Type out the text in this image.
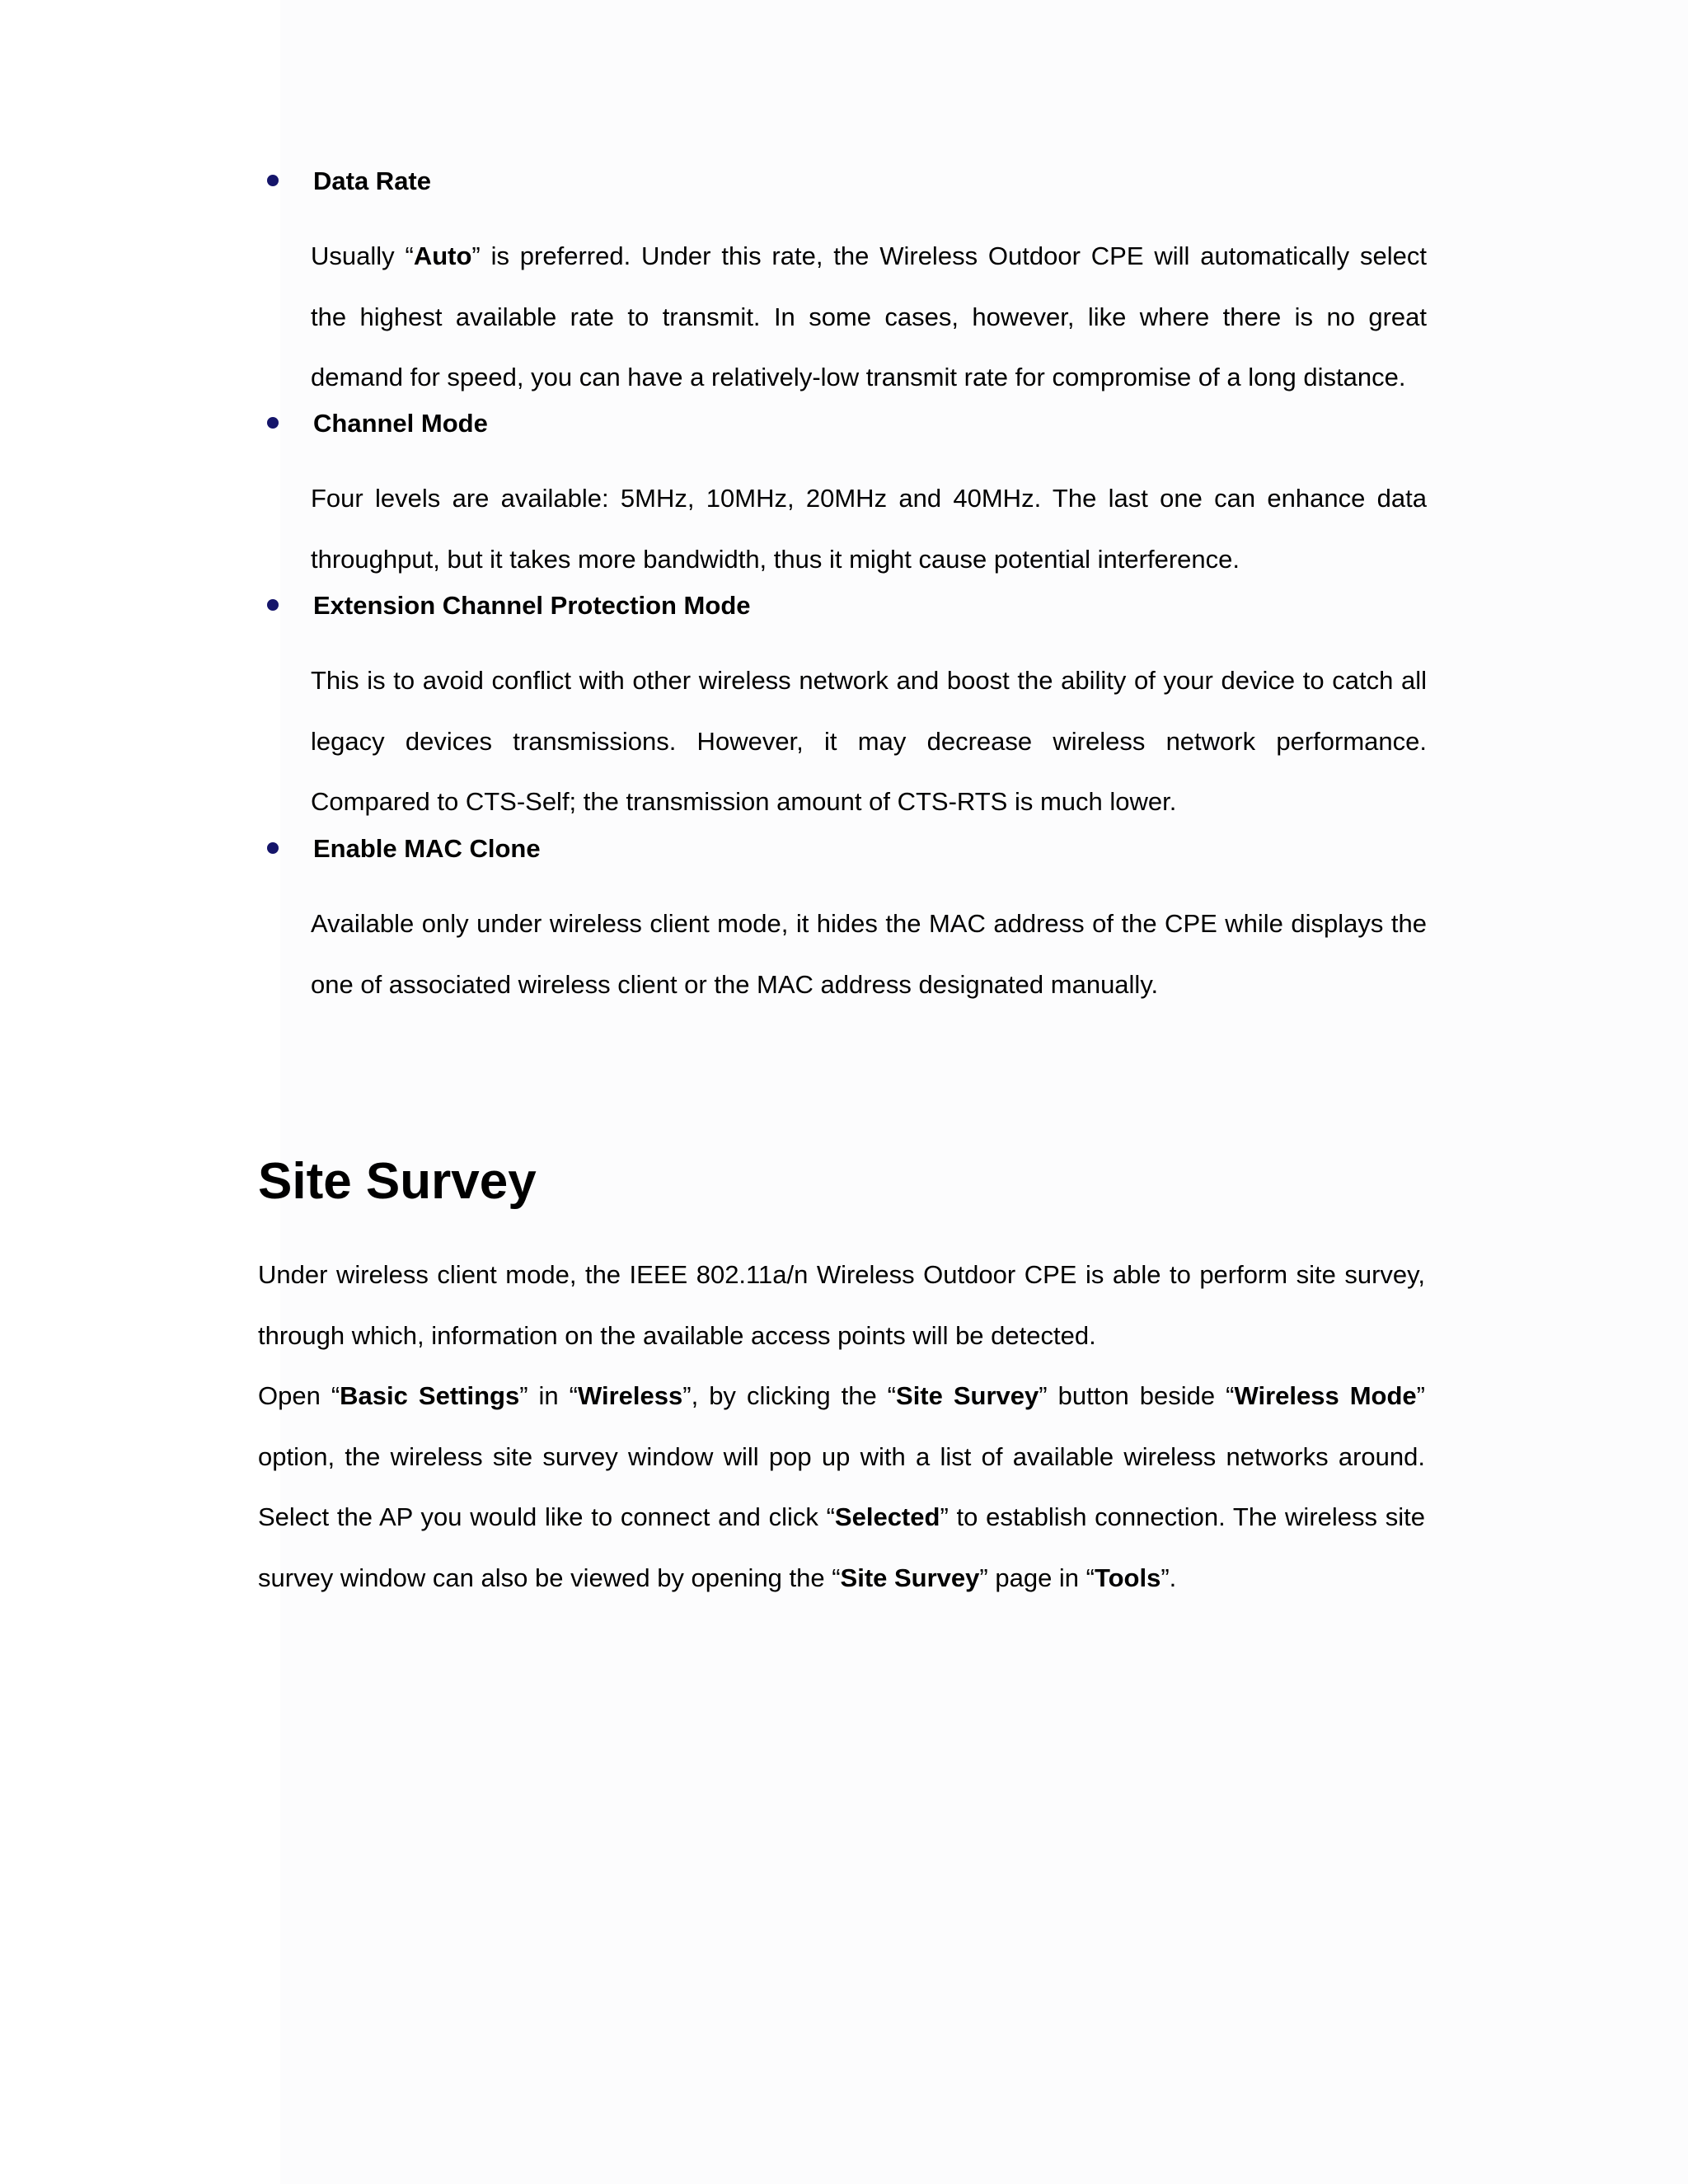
Data Rate
Usually “Auto” is preferred. Under this rate, the Wireless Outdoor CPE will automatically select
the highest available rate to transmit. In some cases, however, like where there is no great
demand for speed, you can have a relatively-low transmit rate for compromise of a long distance.
Channel Mode
Four levels are available: 5MHz, 10MHz, 20MHz and 40MHz. The last one can enhance data
throughput, but it takes more bandwidth, thus it might cause potential interference.
Extension Channel Protection Mode
This is to avoid conflict with other wireless network and boost the ability of your device to catch all
legacy devices transmissions. However, it may decrease wireless network performance.
Compared to CTS-Self; the transmission amount of CTS-RTS is much lower.
Enable MAC Clone
Available only under wireless client mode, it hides the MAC address of the CPE while displays the
one of associated wireless client or the MAC address designated manually.
Site Survey
Under wireless client mode, the IEEE 802.11a/n Wireless Outdoor CPE is able to perform site survey,
through which, information on the available access points will be detected.
Open “Basic Settings” in “Wireless”, by clicking the “Site Survey” button beside “Wireless Mode”
option, the wireless site survey window will pop up with a list of available wireless networks around.
Select the AP you would like to connect and click “Selected” to establish connection. The wireless site
survey window can also be viewed by opening the “Site Survey” page in “Tools”.
